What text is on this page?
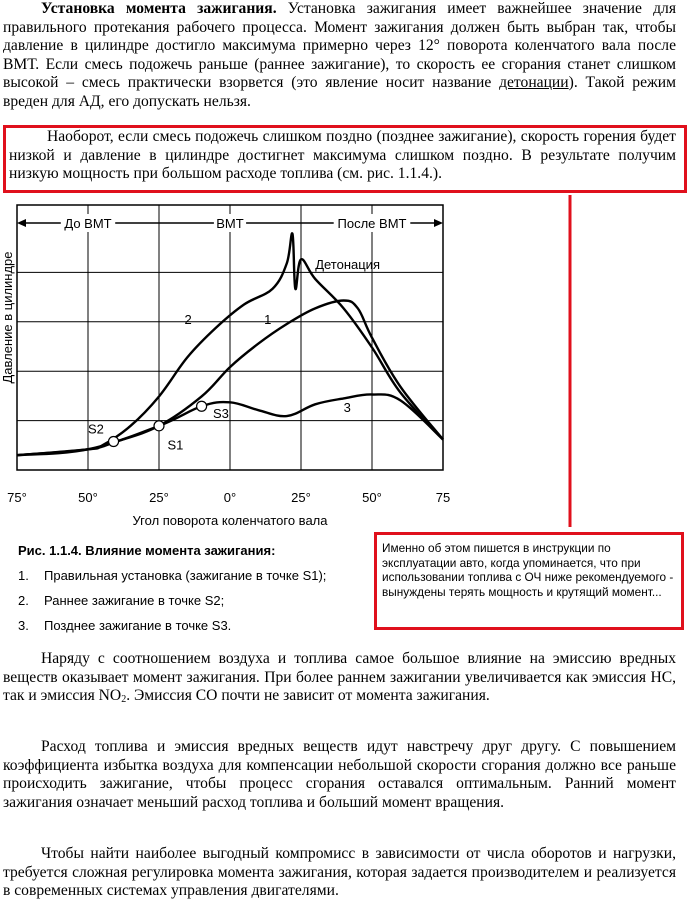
Установка момента зажигания. Установка зажигания имеет важнейшее значение для правильного протекания рабочего процесса. Момент зажигания должен быть выбран так, чтобы давление в цилиндре достигло максимума примерно через 12° поворота коленчатого вала после ВМТ. Если смесь подожечь раньше (раннее зажигание), то скорость ее сгорания станет слишком высокой – смесь практически взорвется (это явление носит название детонации). Такой режим вреден для АД, его допускать нельзя.
Наоборот, если смесь подожечь слишком поздно (позднее зажигание), скорость горения будет низкой и давление в цилиндре достигнет максимума слишком поздно. В результате получим низкую мощность при большом расходе топлива (см. рис. 1.1.4.).
До ВМТ	ВМТ	После ВМТ
1
2
3
S1
S2
S3
Детонация
75°	50°	25°	0°	25°	50°	75
Угол поворота коленчатого вала
Давление в цилиндре
Рис. 1.1.4. Влияние момента зажигания:
1. Правильная установка (зажигание в точке S1);
2. Раннее зажигание в точке S2;
3. Позднее зажигание в точке S3.
Именно об этом пишется в инструкции по эксплуатации авто, когда упоминается, что при использовании топлива с ОЧ ниже рекомендуемого - вынуждены терять мощность и крутящий момент...
Наряду с соотношением воздуха и топлива самое большое влияние на эмиссию вредных веществ оказывает момент зажигания. При более раннем зажигании увеличивается как эмиссия НС, так и эмиссия $NO_2$. Эмиссия СО почти не зависит от момента зажигания.
Расход топлива и эмиссия вредных веществ идут навстречу друг другу. С повышением коэффициента избытка воздуха для компенсации небольшой скорости сгорания должно все раньше происходить зажигание, чтобы процесс сгорания оставался оптимальным. Ранний момент зажигания означает меньший расход топлива и больший момент вращения.
Чтобы найти наиболее выгодный компромисс в зависимости от числа оборотов и нагрузки, требуется сложная регулировка момента зажигания, которая задается производителем и реализуется в современных системах управления двигателями.
